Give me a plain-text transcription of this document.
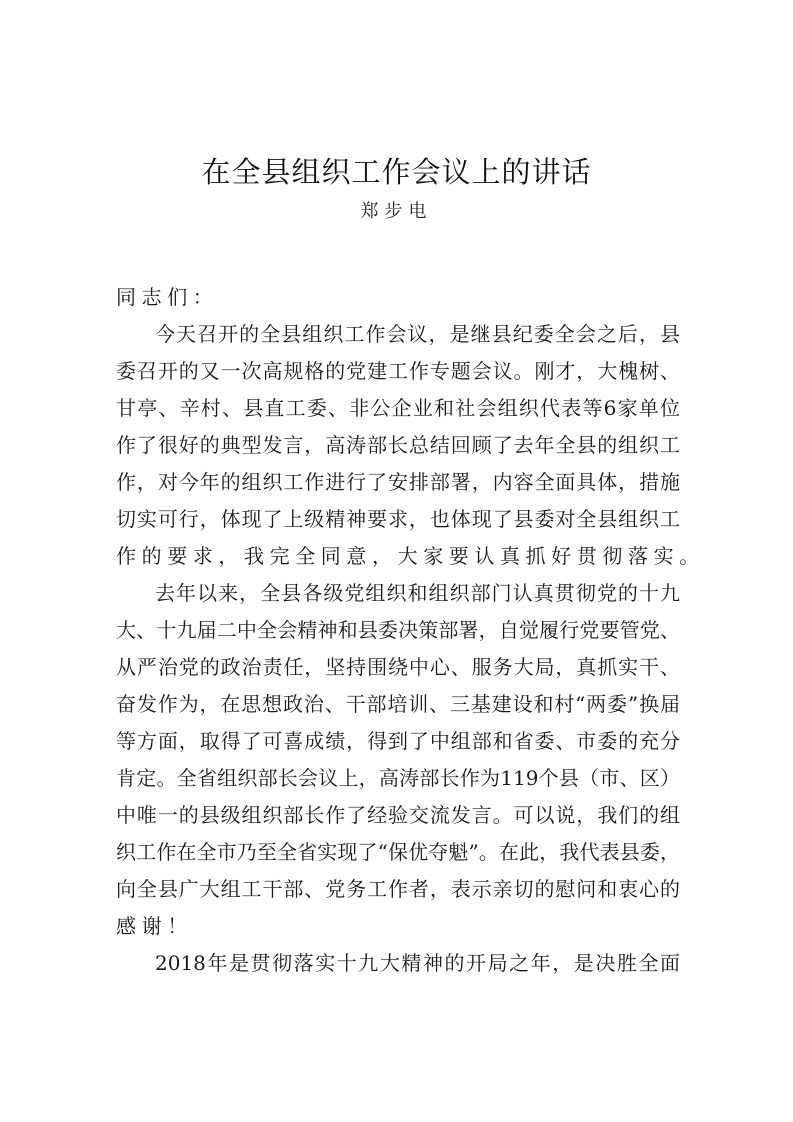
在全县组织工作会议上的讲话
郑步电
同志们：
今天召开的全县组织工作会议，是继县纪委全会之后，县
委召开的又一次高规格的党建工作专题会议。刚才，大槐树、
甘亭、辛村、县直工委、非公企业和社会组织代表等6家单位
作了很好的典型发言，高涛部长总结回顾了去年全县的组织工
作，对今年的组织工作进行了安排部署，内容全面具体，措施
切实可行，体现了上级精神要求，也体现了县委对全县组织工
作的要求，我完全同意，大家要认真抓好贯彻落实。
去年以来，全县各级党组织和组织部门认真贯彻党的十九
大、十九届二中全会精神和县委决策部署，自觉履行党要管党、
从严治党的政治责任，坚持围绕中心、服务大局，真抓实干、
奋发作为，在思想政治、干部培训、三基建设和村“两委”换届
等方面，取得了可喜成绩，得到了中组部和省委、市委的充分
肯定。全省组织部长会议上，高涛部长作为119个县（市、区）
中唯一的县级组织部长作了经验交流发言。可以说，我们的组
织工作在全市乃至全省实现了“保优夺魁”。在此，我代表县委，
向全县广大组工干部、党务工作者，表示亲切的慰问和衷心的
感谢！
2018年是贯彻落实十九大精神的开局之年，是决胜全面
